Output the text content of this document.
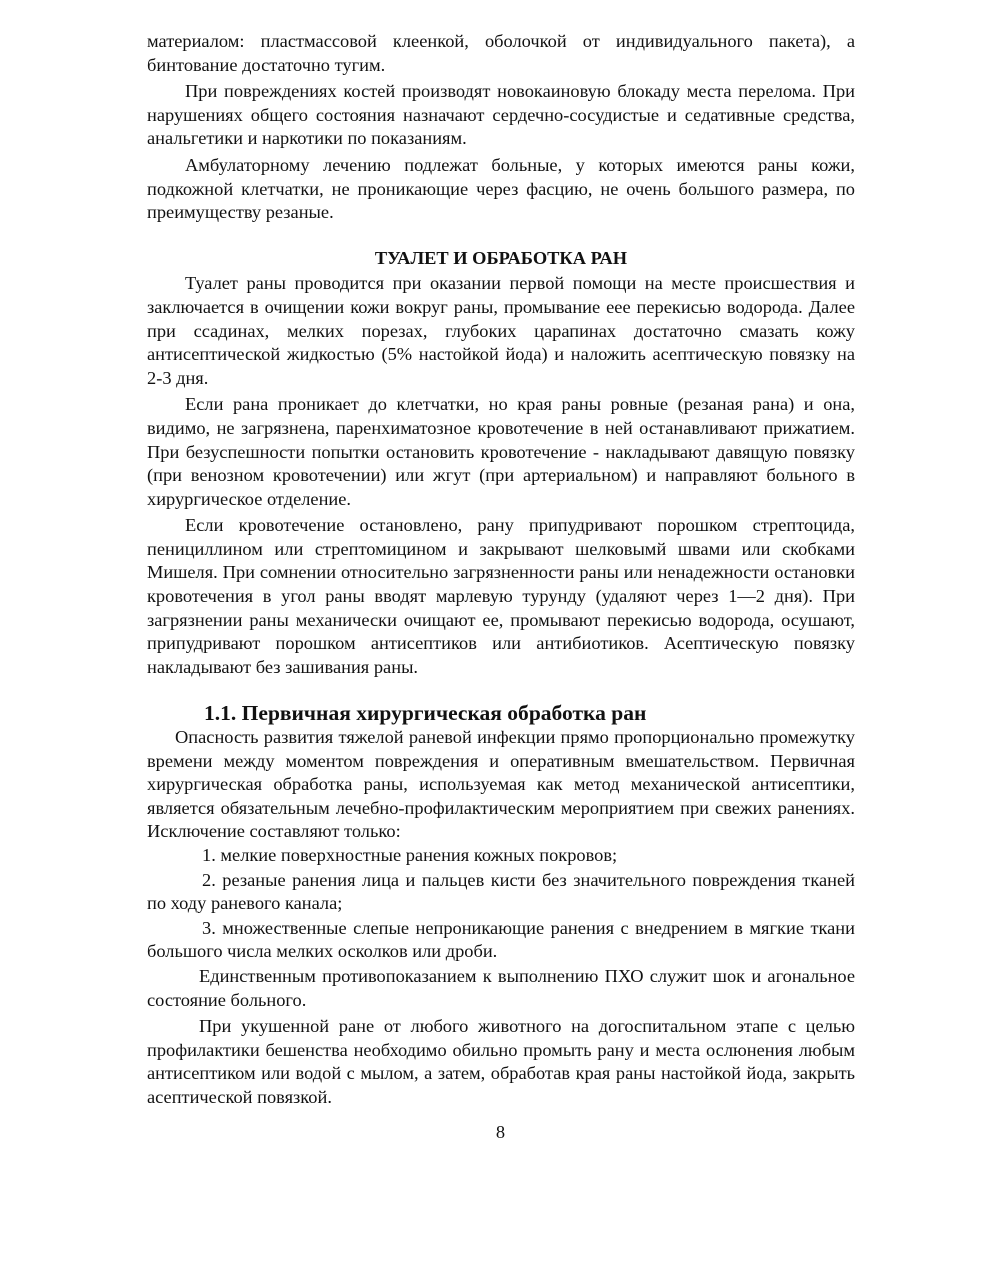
материалом: пластмассовой клеенкой, оболочкой от индивидуального пакета), а бинтование достаточно тугим.

При повреждениях костей производят новокаиновую блокаду места перелома. При нарушениях общего состояния назначают сердечно-сосудистые и седативные средства, анальгетики и наркотики по показаниям.

Амбулаторному лечению подлежат больные, у которых имеются раны кожи, подкожной клетчатки, не проникающие через фасцию, не очень большого размера, по преимуществу резаные.

ТУАЛЕТ И ОБРАБОТКА РАН

Туалет раны проводится при оказании первой помощи на месте происшествия и заключается в очищении кожи вокруг раны, промывание еее перекисью водорода. Далее при ссадинах, мелких порезах, глубоких царапинах достаточно смазать кожу антисептической жидкостью (5% настойкой йода) и наложить асептическую повязку на 2-3 дня.

Если рана проникает до клетчатки, но края раны ровные (резаная рана) и она, видимо, не загрязнена, паренхиматозное кровотечение в ней останавливают прижатием. При безуспешности попытки остановить кровотечение - накладывают давящую повязку (при венозном кровотечении) или жгут (при артериальном) и направляют больного в хирургическое отделение.

Если кровотечение остановлено, рану припудривают порошком стрептоцида, пенициллином или стрептомицином и закрывают шелковымй швами или скобками Мишеля. При сомнении относительно загрязненности раны или ненадежности остановки кровотечения в угол раны вводят марлевую турунду (удаляют через 1—2 дня). При загрязнении раны механически очищают ее, промывают перекисью водорода, осушают, припудривают порошком антисептиков или антибиотиков. Асептическую повязку накладывают без зашивания раны.

1.1. Первичная хирургическая обработка ран

Опасность развития тяжелой раневой инфекции прямо пропорционально промежутку времени между моментом повреждения и оперативным вмешательством. Первичная хирургическая обработка раны, используемая как метод механической антисептики, является обязательным лечебно-профилактическим мероприятием при свежих ранениях. Исключение составляют только:

1. мелкие поверхностные ранения кожных покровов;

2. резаные ранения лица и пальцев кисти без значительного повреждения тканей по ходу раневого канала;

3. множественные слепые непроникающие ранения с внедрением в мягкие ткани большого числа мелких осколков или дроби.

Единственным противопоказанием к выполнению ПХО служит шок и агональное состояние больного.

При укушенной ране от любого животного на догоспитальном этапе с целью профилактики бешенства необходимо обильно промыть рану и места ослюнения любым антисептиком или водой с мылом, а затем, обработав края раны настойкой йода, закрыть асептической повязкой.

8
